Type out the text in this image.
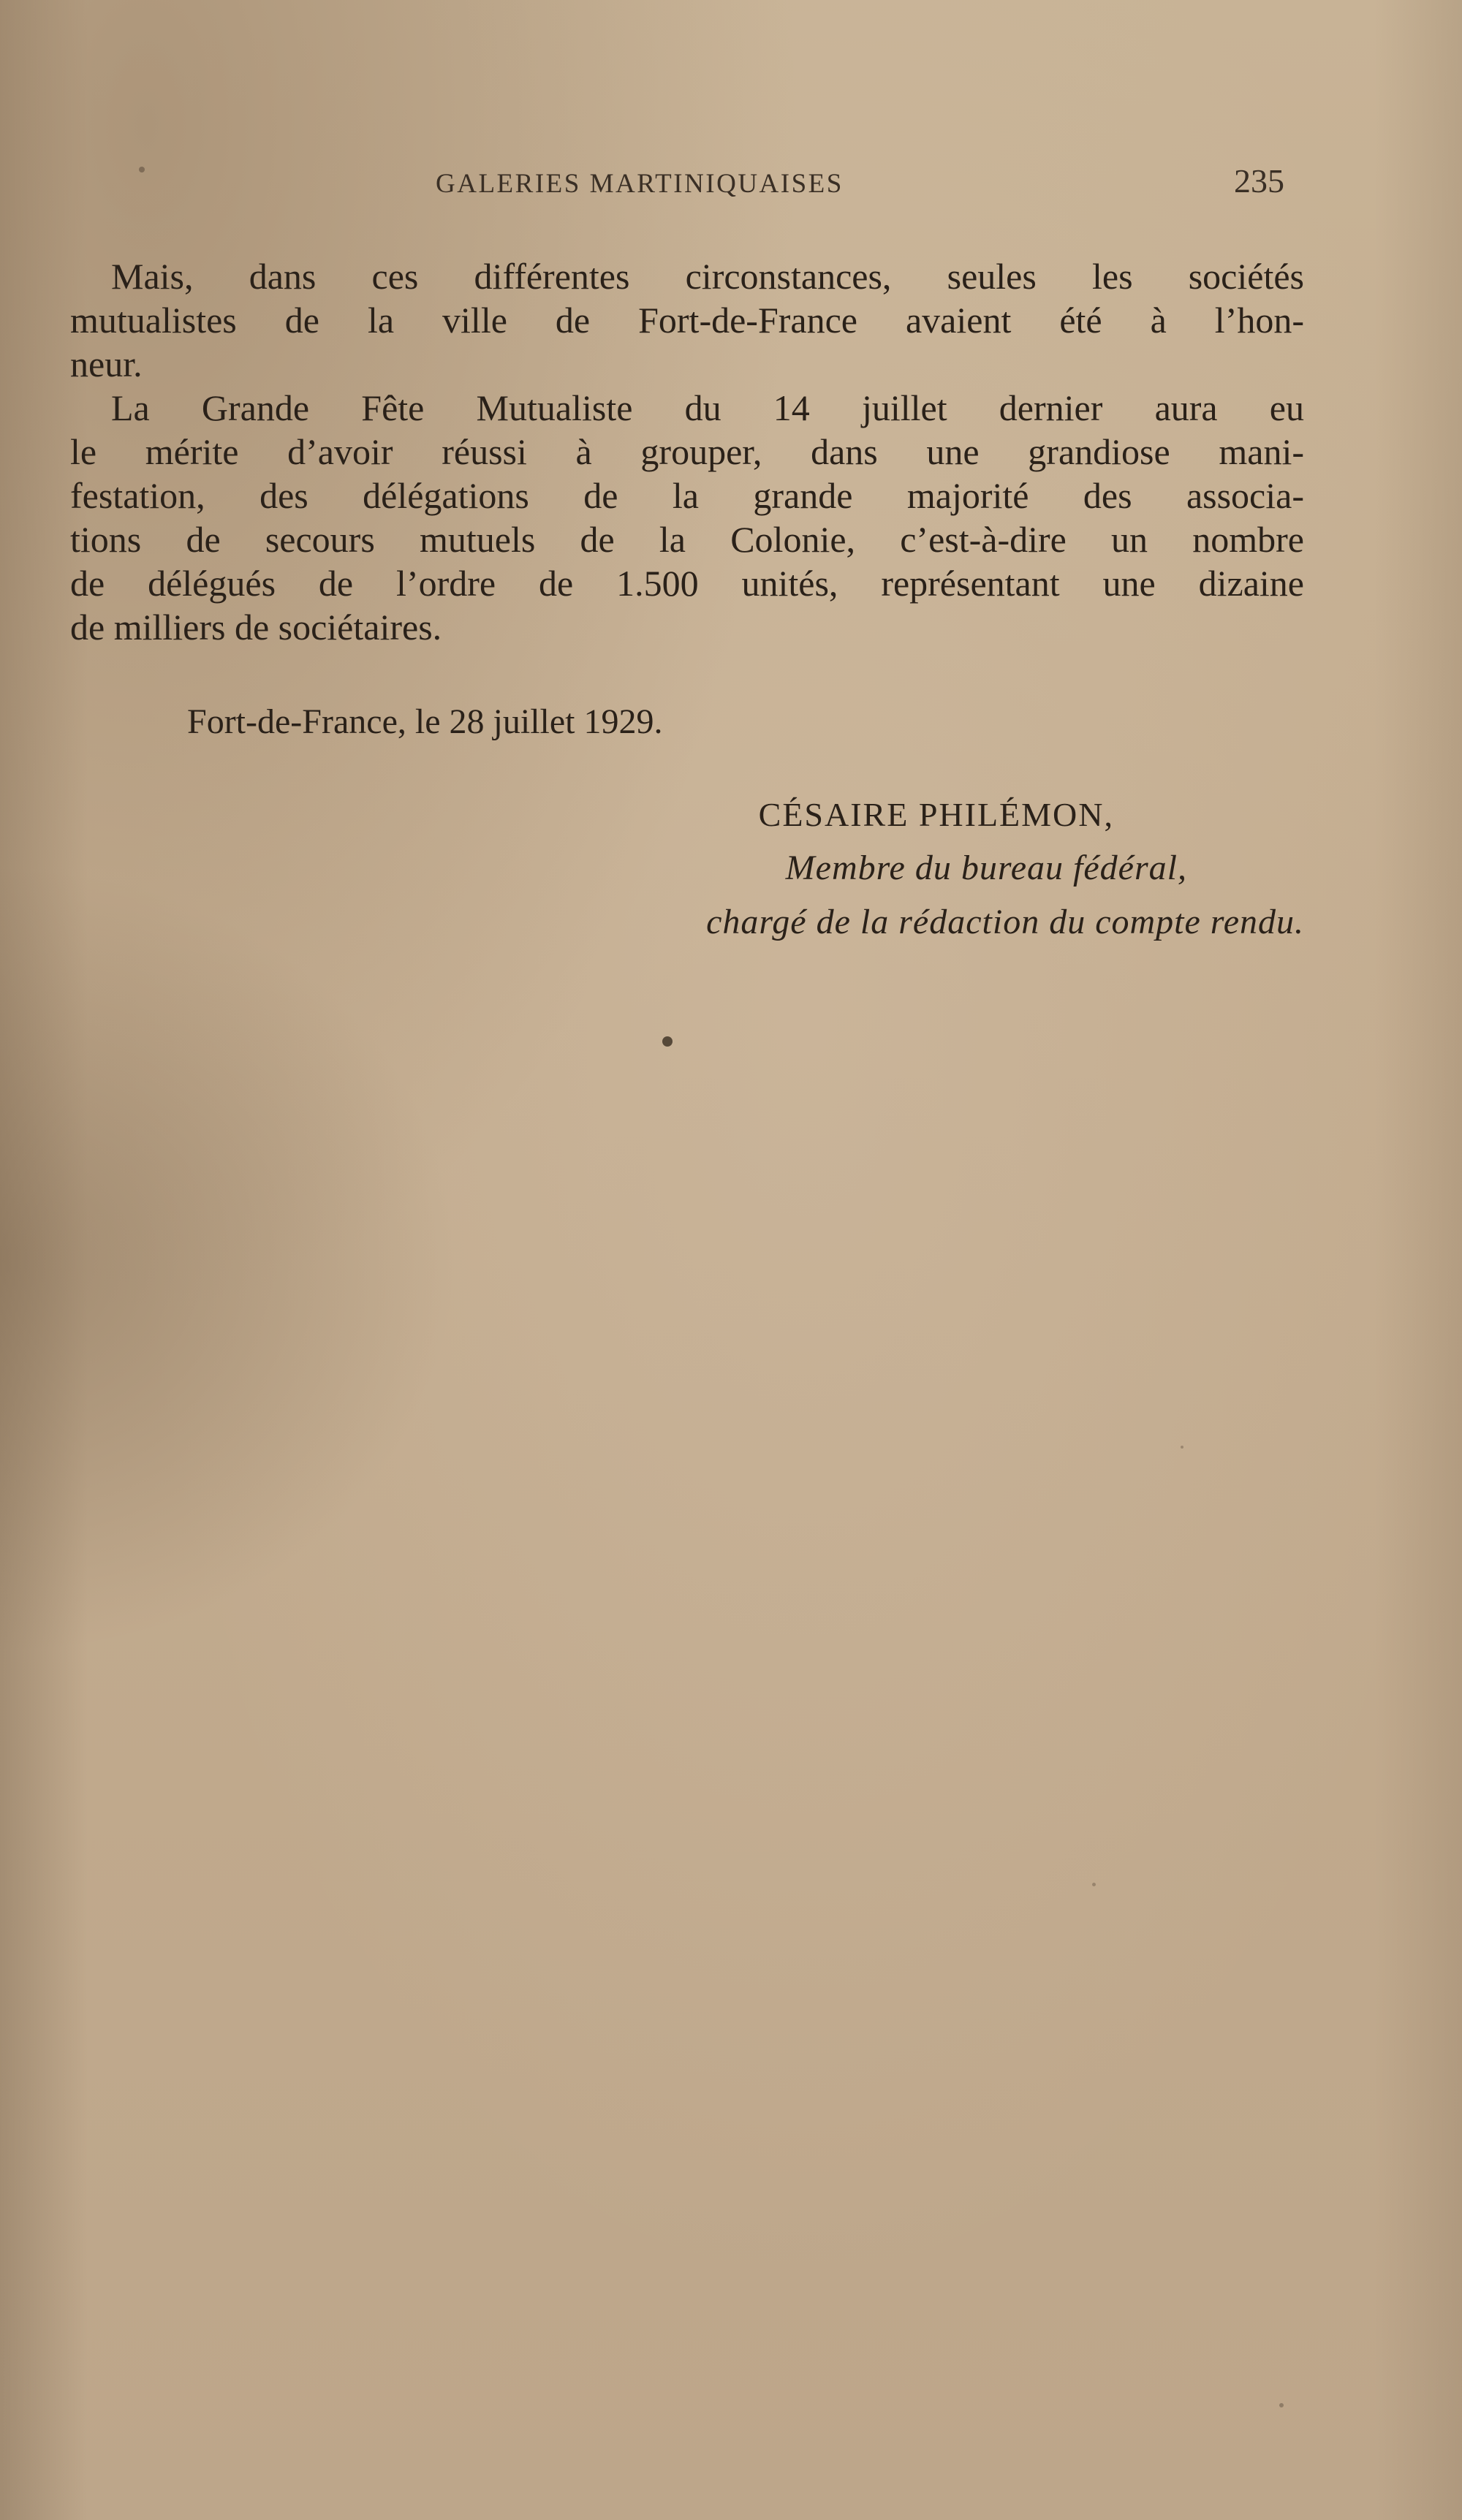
GALERIES MARTINIQUAISES	235
Mais, dans ces différentes circonstances, seules les sociétés
mutualistes de la ville de Fort-de-France avaient été à l’hon-
neur.
La Grande Fête Mutualiste du 14 juillet dernier aura eu
le mérite d’avoir réussi à grouper, dans une grandiose mani-
festation, des délégations de la grande majorité des associa-
tions de secours mutuels de la Colonie, c’est-à-dire un nombre
de délégués de l’ordre de 1.500 unités, représentant une dizaine
de milliers de sociétaires.
Fort-de-France, le 28 juillet 1929.
CÉSAIRE PHILÉMON,
Membre du bureau fédéral,
chargé de la rédaction du compte rendu.
